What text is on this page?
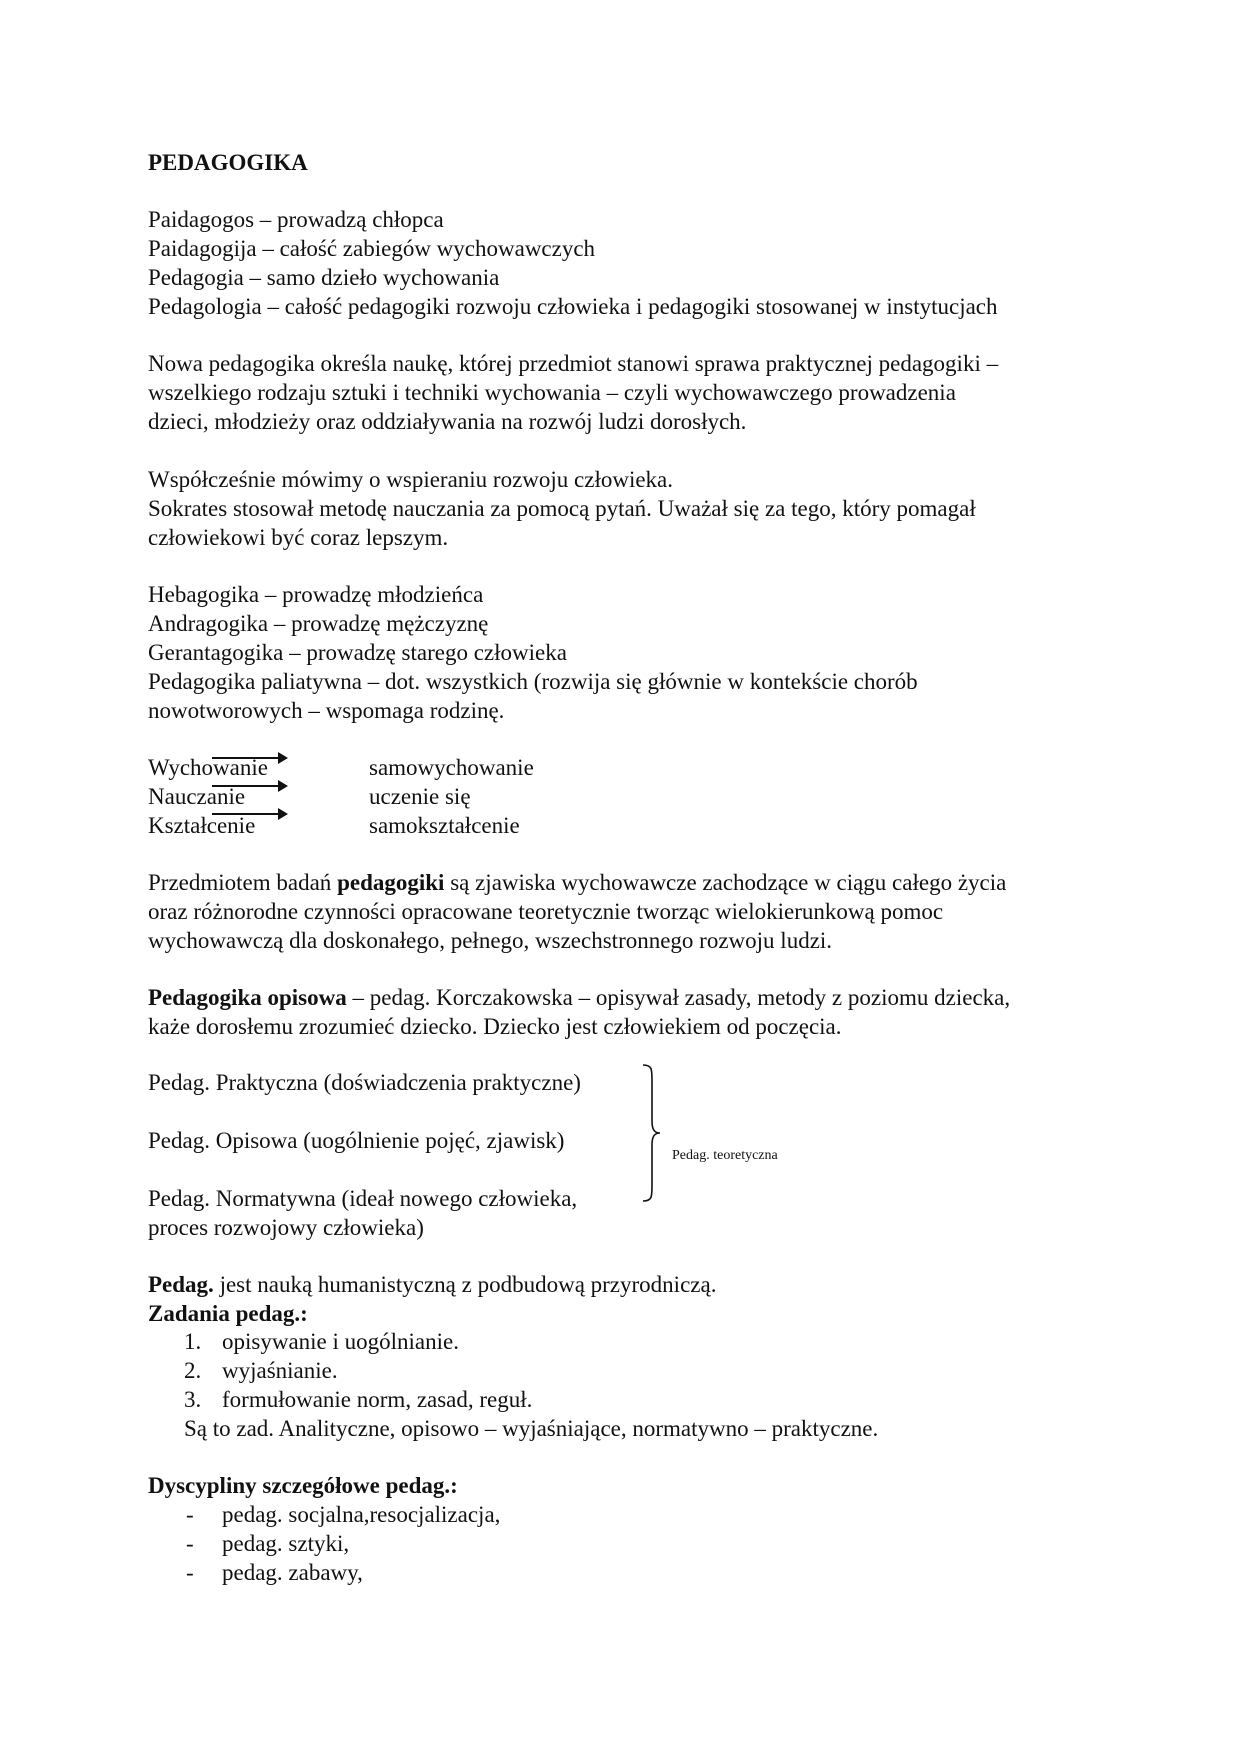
PEDAGOGIKA

Paidagogos – prowadzą chłopca

Paidagogija – całość zabiegów wychowawczych

Pedagogia – samo dzieło wychowania

Pedagologia – całość pedagogiki rozwoju człowieka i pedagogiki stosowanej w instytucjach

Nowa pedagogika określa naukę, której przedmiot stanowi sprawa praktycznej pedagogiki –

wszelkiego rodzaju sztuki i techniki wychowania – czyli wychowawczego prowadzenia

dzieci, młodzieży oraz oddziaływania na rozwój ludzi dorosłych.

Współcześnie mówimy o wspieraniu rozwoju człowieka.

Sokrates stosował metodę nauczania za pomocą pytań. Uważał się za tego, który pomagał

człowiekowi być coraz lepszym.

Hebagogika – prowadzę młodzieńca

Andragogika – prowadzę mężczyznę

Gerantagogika – prowadzę starego człowieka

Pedagogika paliatywna – dot. wszystkich (rozwija się głównie w kontekście chorób

nowotworowych – wspomaga rodzinę.

Wychowanie	samowychowanie

Nauczanie	uczenie się

Kształcenie	samokształcenie

Przedmiotem badań pedagogiki są zjawiska wychowawcze zachodzące w ciągu całego życia

oraz różnorodne czynności opracowane teoretycznie tworząc wielokierunkową pomoc

wychowawczą dla doskonałego, pełnego, wszechstronnego rozwoju ludzi.

Pedagogika opisowa – pedag. Korczakowska – opisywał zasady, metody z poziomu dziecka,

każe dorosłemu zrozumieć dziecko. Dziecko jest człowiekiem od poczęcia.

Pedag. Praktyczna (doświadczenia praktyczne)

Pedag. Opisowa (uogólnienie pojęć, zjawisk)

Pedag. Normatywna (ideał nowego człowieka,

proces rozwojowy człowieka)

Pedag. teoretyczna

Pedag. jest nauką humanistyczną z podbudową przyrodniczą.

Zadania pedag.:

1. opisywanie i uogólnianie.
2. wyjaśnianie.
3. formułowanie norm, zasad, reguł.

Są to zad. Analityczne, opisowo – wyjaśniające, normatywno – praktyczne.

Dyscypliny szczegółowe pedag.:

- pedag. socjalna,resocjalizacja,
- pedag. sztyki,
- pedag. zabawy,
